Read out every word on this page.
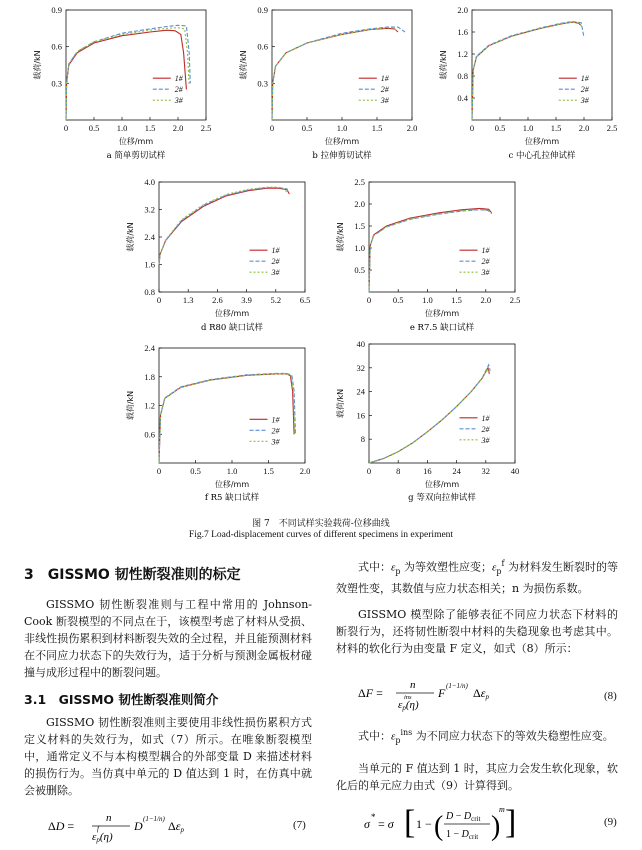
0 0.5 1.0 1.5 2.0 2.5
0.3
0.6
0.9
位移/mm
载荷/kN	1#
2#
3#
a 简单剪切试样
0	0.5	1.0	1.5	2.0
0.3
0.6
0.9
位移/mm
载荷/kN	1#
2#
3#
b 拉伸剪切试样
0 0.5 1.0 1.5 2.0 2.5
0.4
0.8
1.2
1.6
2.0
位移/mm
载荷/kN	1#
2#
3#
c 中心孔拉伸试样
0	1.3 2.6 3.9 5.2 6.5
0.8
1.6
2.4
3.2
4.0
位移/mm
载荷/kN	1#
2#
3#
d R80 缺口试样
0	0.5 1.0 1.5 2.0 2.5
0.5
1.0
1.5
2.0
2.5
位移/mm
载荷/kN	1#
2#
3#
e R7.5 缺口试样
0	0.5	1.0	1.5	2.0
0.6
1.2
1.8
2.4
位移/mm
载荷/kN	1#
2#
3#
f R5 缺口试样
0	8	16 24 32 40
8
16
24
32
40
位移/mm
载荷/kN
1#
2#
3#
g 等双向拉伸试样
图 7　不同试样实验载荷-位移曲线
Fig.7 Load-displacement curves of different specimens in experiment
3　GISSMO 韧性断裂准则的标定
GISSMO 韧性断裂准则与工程中常用的 Johnson-Cook 断裂模型的不同点在于，该模型考虑了材料从受损、非线性损伤累积到材料断裂失效的全过程，并且能预测材料在不同应力状态下的失效行为，适于分析与预测金属板材碰撞与成形过程中的断裂问题。
3.1　GISSMO 韧性断裂准则简介
GISSMO 韧性断裂准则主要使用非线性损伤累积方式定义材料的失效行为，如式（7）所示。在唯象断裂模型中，通常定义不与本构模型耦合的外部变量 D 来描述材料的损伤行为。当仿真中单元的 D 值达到 1 时，在仿真中就会被删除。
ΔD =
n
εp(η)
f	D (1−1/n) Δεp	(7)
式中：$\varepsilon_p$ 为等效塑性应变；$\varepsilon_p^f$ 为材料发生断裂时的等效塑性变，其数值与应力状态相关；n 为损伤系数。
GISSMO 模型除了能够表征不同应力状态下材料的断裂行为，还将韧性断裂中材料的失稳现象也考虑其中。材料的软化行为由变量 F 定义，如式（8）所示：
ΔF =
n
εp(η)
ins F (1−1/n) Δεp	(8)
式中：$\varepsilon_p^{ins}$ 为不同应力状态下的等效失稳塑性应变。
当单元的 F 值达到 1 时，其应力会发生软化现象，软化后的单元应力由式（9）计算得到。
σ * = σ [ 1 − ( $D - D_{crit}$
$1 - D_{crit}$ )
m ]	(9)
